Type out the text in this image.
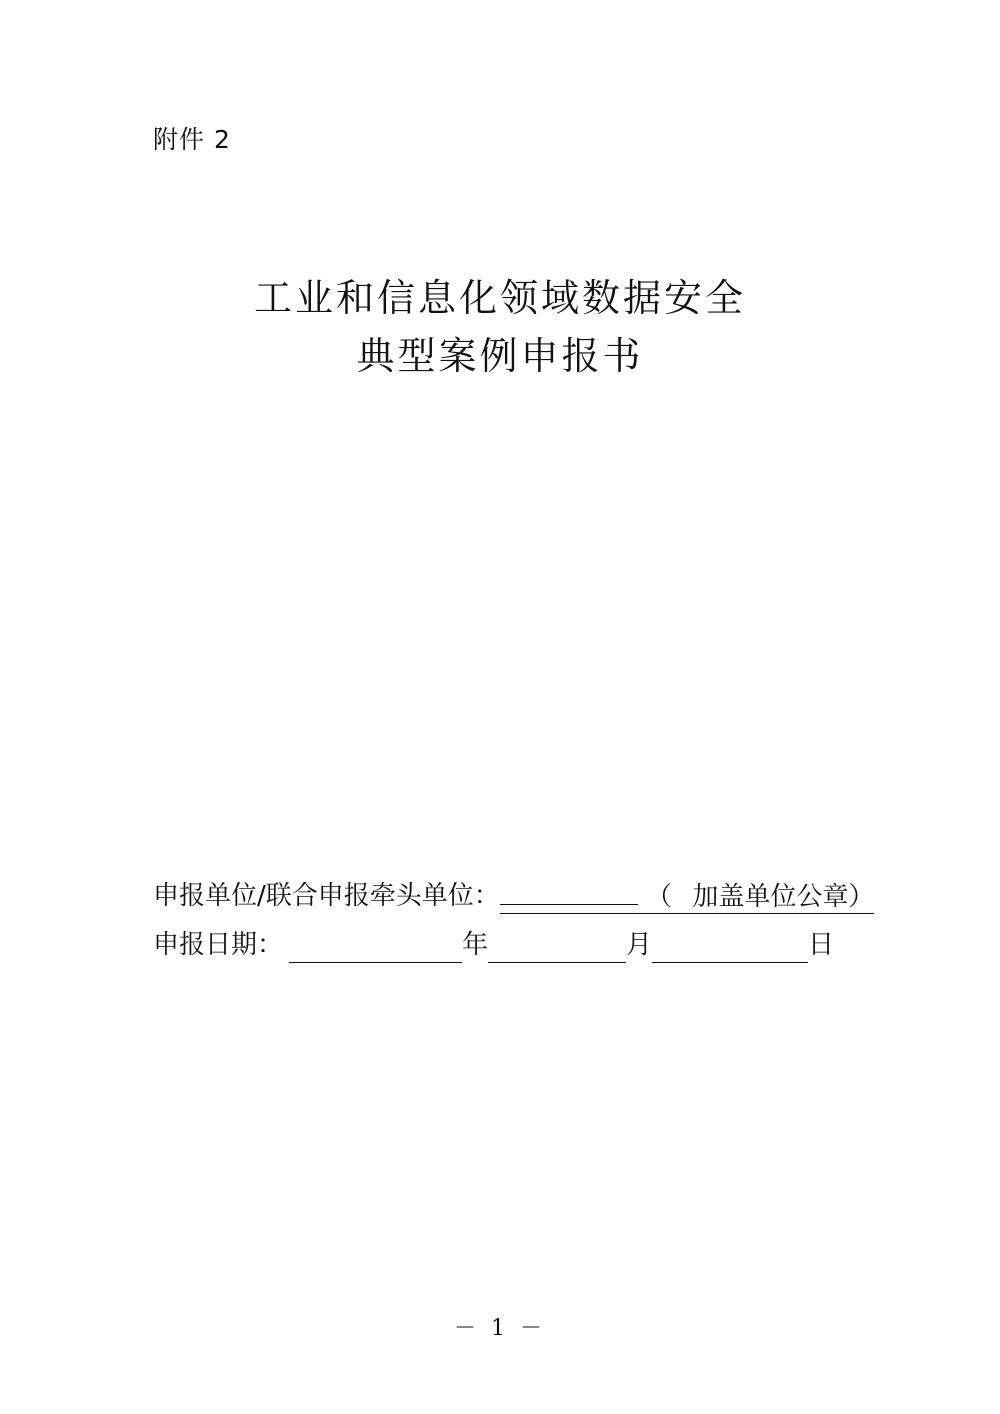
附件 2
工业和信息化领域数据安全
典型案例申报书
申报单位/联合申报牵头单位：	（ 加盖单位公章）
申报日期：	年	月	日
－ 1 －
